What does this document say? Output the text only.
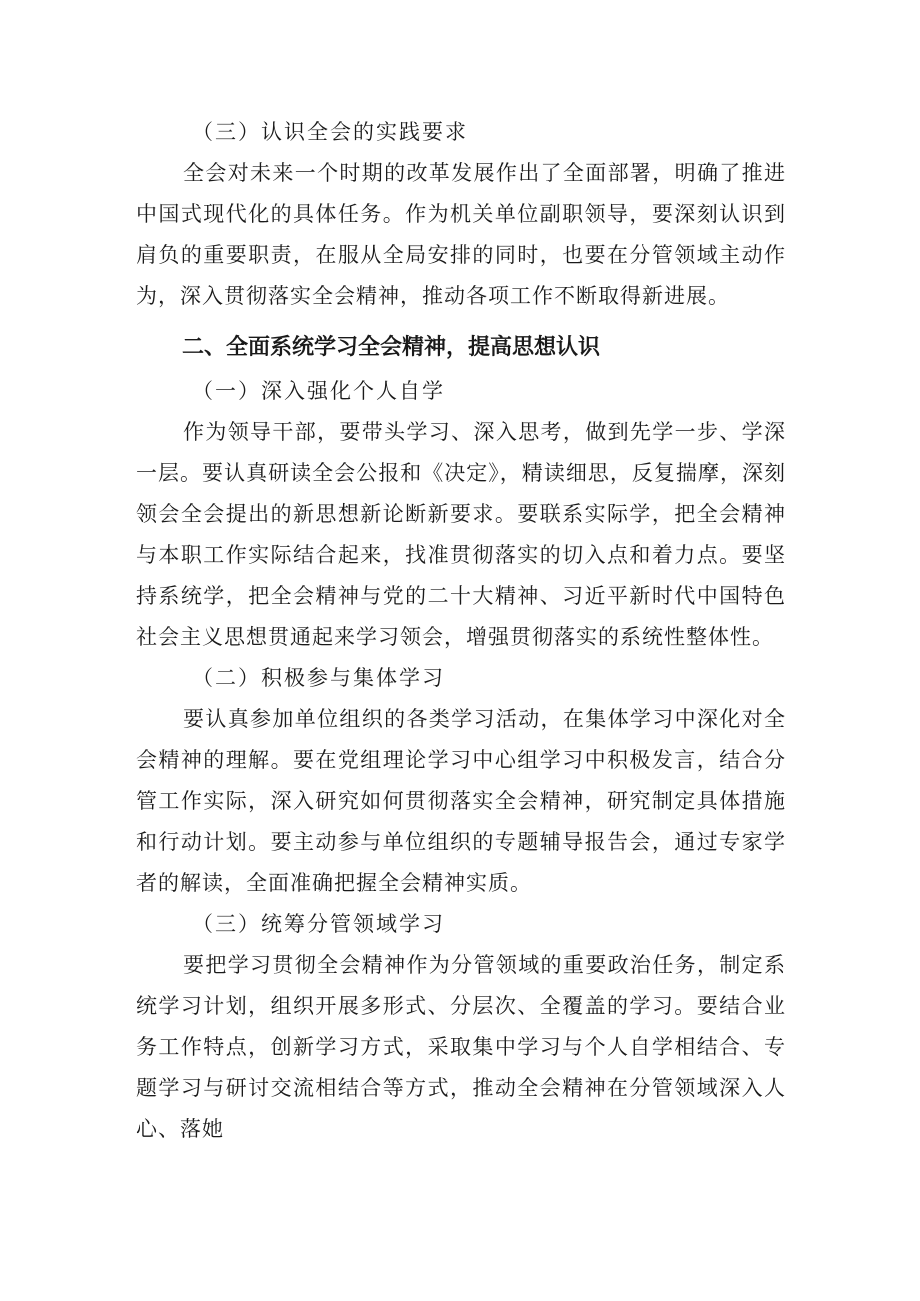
（三）认识全会的实践要求

全会对未来一个时期的改革发展作出了全面部署，明确了推进中国式现代化的具体任务。作为机关单位副职领导，要深刻认识到肩负的重要职责，在服从全局安排的同时，也要在分管领域主动作为，深入贯彻落实全会精神，推动各项工作不断取得新进展。

二、全面系统学习全会精神，提高思想认识
（一）深入强化个人自学

作为领导干部，要带头学习、深入思考，做到先学一步、学深一层。要认真研读全会公报和《决定》，精读细思，反复揣摩，深刻领会全会提出的新思想新论断新要求。要联系实际学，把全会精神与本职工作实际结合起来，找准贯彻落实的切入点和着力点。要坚持系统学，把全会精神与党的二十大精神、习近平新时代中国特色社会主义思想贯通起来学习领会，增强贯彻落实的系统性整体性。

（二）积极参与集体学习

要认真参加单位组织的各类学习活动，在集体学习中深化对全会精神的理解。要在党组理论学习中心组学习中积极发言，结合分管工作实际，深入研究如何贯彻落实全会精神，研究制定具体措施和行动计划。要主动参与单位组织的专题辅导报告会，通过专家学者的解读，全面准确把握全会精神实质。

（三）统筹分管领域学习

要把学习贯彻全会精神作为分管领域的重要政治任务，制定系统学习计划，组织开展多形式、分层次、全覆盖的学习。要结合业务工作特点，创新学习方式，采取集中学习与个人自学相结合、专题学习与研讨交流相结合等方式，推动全会精神在分管领域深入人心、落她
